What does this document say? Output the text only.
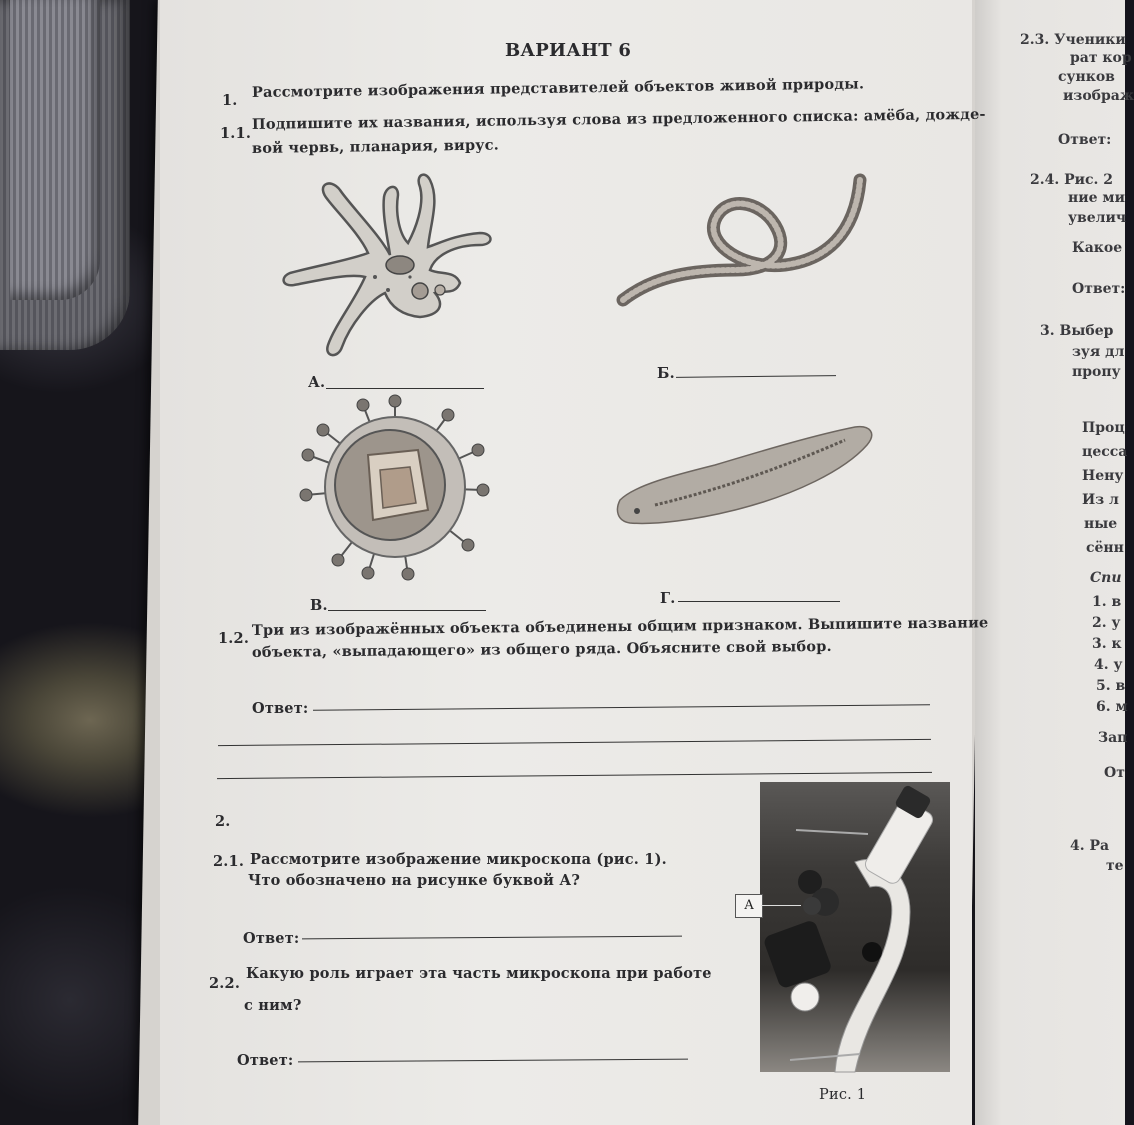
ВАРИАНТ 6
1. Рассмотрите изображения представителей объектов живой природы.
1.1.
Подпишите их названия, используя слова из предложенного списка: амёба, дожде-
вой червь, планария, вирус.
А.
Б.
В.	Г.
1.2. Три из изображённых объекта объединены общим признаком. Выпишите название
объекта, «выпадающего» из общего ряда. Объясните свой выбор.
Ответ:
2.
2.1. Рассмотрите изображение микроскопа (рис. 1).
Что обозначено на рисунке буквой А?
Ответ:
2.2.
Какую роль играет эта часть микроскопа при работе
с ним?
Ответ:
А
Рис. 1
2.3. Ученики
рат кор
сунков
изображ
Ответ:
2.4. Рис. 2
ние ми
увелич
Какое
Ответ:
3. Выбер
зуя дл
пропу
Проц
цесса
Нену
Из л
ные
сённ
Спи
1. в
2. у
3. к
4. у
5. в
6. м
Зап
От
4. Ра
те
